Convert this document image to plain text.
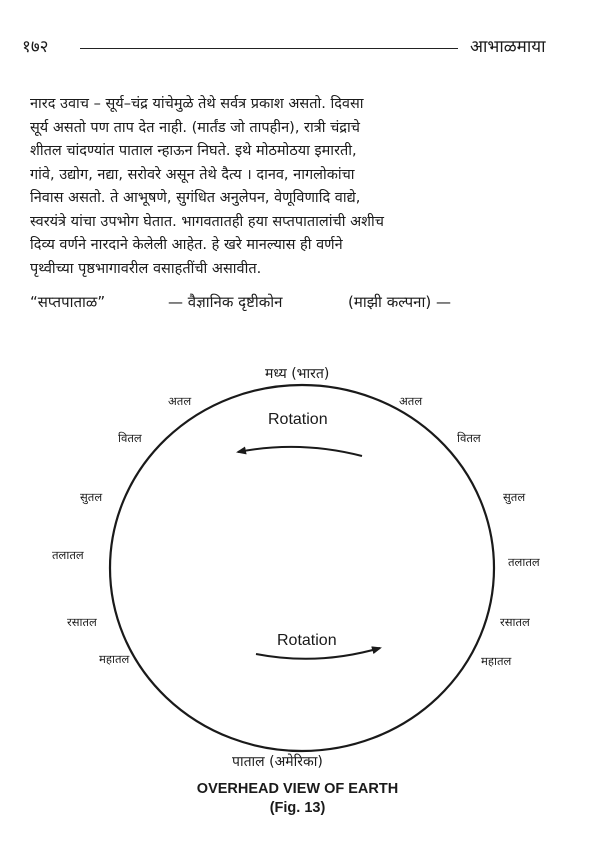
१७२	आभाळमाया
नारद उवाच – सूर्य–चंद्र यांचेमुळे तेथे सर्वत्र प्रकाश असतो. दिवसा
सूर्य असतो पण ताप देत नाही. (मार्तंड जो तापहीन), रात्री चंद्राचे
शीतल चांदण्यांत पाताल न्हाऊन निघते. इथे मोठमोठया इमारती,
गांवे, उद्योग, नद्या, सरोवरे असून तेथे दैत्य । दानव, नागलोकांचा
निवास असतो. ते आभूषणे, सुगंधित अनुलेपन, वेणूविणादि वाद्ये,
स्वरयंत्रे यांचा उपभोग घेतात. भागवतातही हया सप्तपातालांची अशीच
दिव्य वर्णने नारदाने केलेली आहेत. हे खरे मानल्यास ही वर्णने
पृथ्वीच्या पृष्ठभागावरील वसाहतींची असावीत.
“सप्तपाताळ”	— वैज्ञानिक दृष्टीकोन	(माझी कल्पना) —
मध्य (भारत)
पाताल (अमेरिका)
Rotation
Rotation
अतल
वितल
सुतल
तलातल
रसातल
महातल
अतल
वितल
सुतल
तलातल
रसातल
महातल
OVERHEAD VIEW OF EARTH
(Fig. 13)
